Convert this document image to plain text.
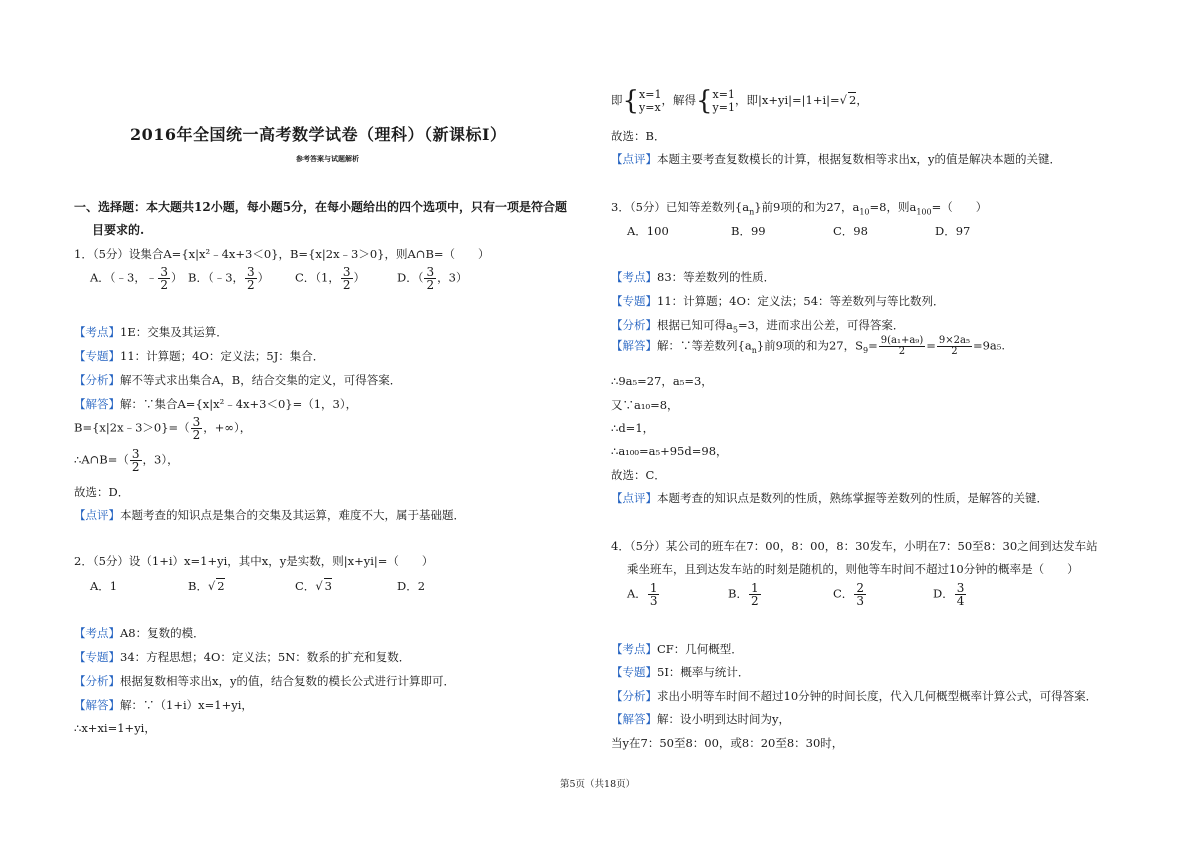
2016年全国统一高考数学试卷（理科）（新课标Ⅰ）
参考答案与试题解析
一、选择题：本大题共12小题，每小题5分，在每小题给出的四个选项中，只有一项是符合题
目要求的.
1．（5分）设集合A={x|x²﹣4x+3＜0}，B={x|2x﹣3＞0}，则A∩B=（　　）
A．（﹣3，﹣ $\frac{3}{2}$ ） B．（﹣3， $\frac{3}{2}$ ） C．（1， $\frac{3}{2}$ ）	D．（ $\frac{3}{2}$ ，3）
【考点】1E：交集及其运算．
【专题】11：计算题；4O：定义法；5J：集合．
【分析】解不等式求出集合A，B，结合交集的定义，可得答案．
【解答】解：∵集合A={x|x²﹣4x+3＜0}=（1，3），
B={x|2x﹣3＞0}=（ $\frac{3}{2}$ ，+∞），
∴A∩B=（ $\frac{3}{2}$ ，3），
故选：D．
【点评】本题考查的知识点是集合的交集及其运算，难度不大，属于基础题．
2．（5分）设（1+i）x=1+yi，其中x，y是实数，则|x+yi|=（　　）
A．1	B．√ 2	C．√ 3	D．2
【考点】A8：复数的模．
【专题】34：方程思想；4O：定义法；5N：数系的扩充和复数．
【分析】根据复数相等求出x，y的值，结合复数的模长公式进行计算即可．
【解答】解：∵（1+i）x=1+yi，
∴x+xi=1+yi，
即{ x=1
y=x
，解得{ x=1
y=1
，即|x+yi|=|1+i|=√ 2，
故选：B．
【点评】本题主要考查复数模长的计算，根据复数相等求出x，y的值是解决本题的关键．
3．（5分）已知等差数列$\{a_n\}$前9项的和为27，$a_{10}=8$，则$a_{100}=$（　　）
A．100	B．99	C．98	D．97
【考点】83：等差数列的性质．
【专题】11：计算题；4O：定义法；54：等差数列与等比数列．
【分析】根据已知可得$a_5=3$，进而求出公差，可得答案．
【解答】解：∵等差数列$\{a_n\}$前9项的和为27，$S_9= \frac{\text{9(a₁+a₉)}}{2} = \frac{\text{9×2a₅}}{2} =9a_5$.
∴9a₅=27，a₅=3，
又∵a₁₀=8，
∴d=1，
∴a₁₀₀=a₅+95d=98，
故选：C．
【点评】本题考查的知识点是数列的性质，熟练掌握等差数列的性质，是解答的关键．
4．（5分）某公司的班车在7：00，8：00，8：30发车，小明在7：50至8：30之间到达发车站
乘坐班车，且到达发车站的时刻是随机的，则他等车时间不超过10分钟的概率是（　　）
A． $\frac{1}{3}$	B． $\frac{1}{2}$	C． $\frac{2}{3}$	D． $\frac{3}{4}$
【考点】CF：几何概型．
【专题】5I：概率与统计．
【分析】求出小明等车时间不超过10分钟的时间长度，代入几何概型概率计算公式，可得答案．
【解答】解：设小明到达时间为y，
当y在7：50至8：00，或8：20至8：30时，
第5页（共18页）
